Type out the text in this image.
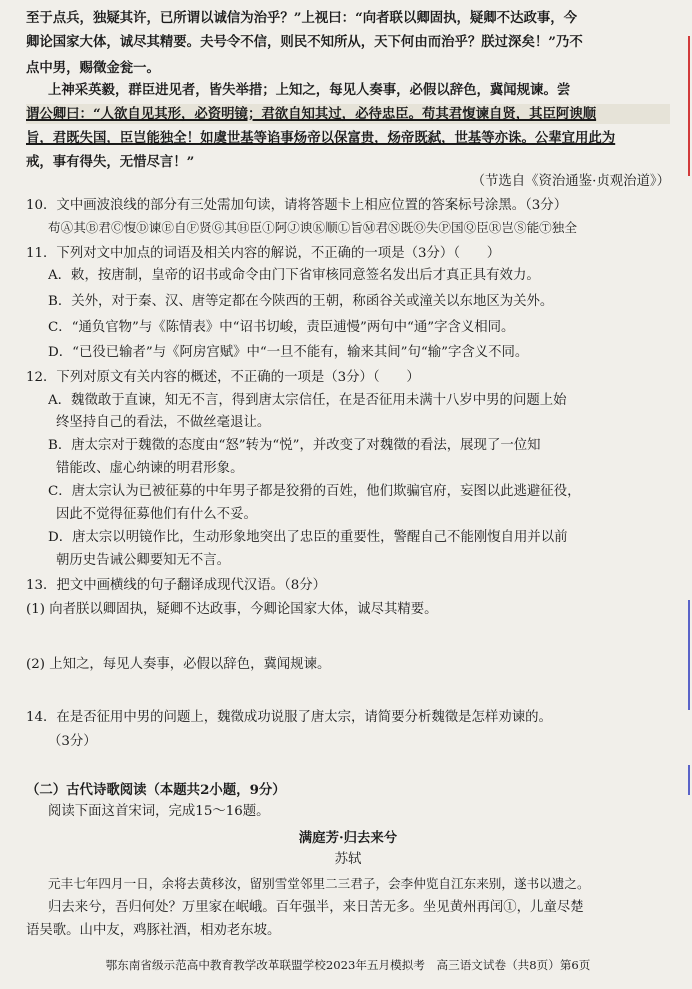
至于点兵，独疑其许，已所谓以诚信为治乎？”上视曰：“向者联以卿固执，疑卿不达政事，今
卿论国家大体，诚尽其精要。夫号令不信，则民不知所从，天下何由而治乎？朕过深矣！”乃不
点中男，赐徵金瓮一。
上神采英毅，群臣进见者，皆失举措；上知之，每见人奏事，必假以辞色，冀闻规谏。尝
谓公卿曰：“人欲自见其形，必资明镜；君欲自知其过，必待忠臣。苟其君愎谏自贤，其臣阿谀顺
旨，君既失国，臣岂能独全！如虞世基等谄事炀帝以保富贵，炀帝既弑，世基等亦诛。公辈宜用此为
戒，事有得失，无惜尽言！”
（节选自《资治通鉴·贞观治道》）
10．文中画波浪线的部分有三处需加句读，请将答题卡上相应位置的答案标号涂黑。（3分）
苟Ⓐ其Ⓑ君Ⓒ愎Ⓓ谏Ⓔ自Ⓕ贤Ⓖ其Ⓗ臣Ⓘ阿Ⓙ谀Ⓚ顺Ⓛ旨Ⓜ君Ⓝ既Ⓞ失Ⓟ国Ⓠ臣Ⓡ岂Ⓢ能Ⓣ独全
11．下列对文中加点的词语及相关内容的解说，不正确的一项是（3分）（　　）
A．敕，按唐制，皇帝的诏书或命令由门下省审核同意签名发出后才真正具有效力。
B．关外，对于秦、汉、唐等定都在今陕西的王朝，称函谷关或潼关以东地区为关外。
C．“通负官物”与《陈情表》中“诏书切峻，责臣逋慢”两句中“通”字含义相同。
D．“已役已输者”与《阿房宫赋》中“一旦不能有，输来其间”句“输”字含义不同。
12．下列对原文有关内容的概述，不正确的一项是（3分）（　　）
A．魏徵敢于直谏，知无不言，得到唐太宗信任，在是否征用未满十八岁中男的问题上始
终坚持自己的看法，不做丝毫退让。
B．唐太宗对于魏徵的态度由“怒”转为“悦”，并改变了对魏徵的看法，展现了一位知
错能改、虚心纳谏的明君形象。
C．唐太宗认为已被征募的中年男子都是狡猾的百姓，他们欺骗官府，妄图以此逃避征役，
因此不觉得征募他们有什么不妥。
D．唐太宗以明镜作比，生动形象地突出了忠臣的重要性，警醒自己不能刚愎自用并以前
朝历史告诫公卿要知无不言。
13．把文中画横线的句子翻译成现代汉语。（8分）
(1) 向者朕以卿固执，疑卿不达政事，今卿论国家大体，诚尽其精要。
(2) 上知之，每见人奏事，必假以辞色，冀闻规谏。
14．在是否征用中男的问题上，魏徵成功说服了唐太宗，请简要分析魏徵是怎样劝谏的。
（3分）
（二）古代诗歌阅读（本题共2小题，9分）
阅读下面这首宋词，完成15～16题。
满庭芳·归去来兮
苏轼
元丰七年四月一日，余将去黄移汝，留别雪堂邻里二三君子，会李仲览自江东来别，遂书以遗之。
归去来兮，吾归何处？万里家在岷峨。百年强半，来日苦无多。坐见黄州再闰①，儿童尽楚
语吴歌。山中友，鸡豚社酒，相劝老东坡。
鄂东南省级示范高中教育教学改革联盟学校2023年五月模拟考　高三语文试卷（共8页）第6页
